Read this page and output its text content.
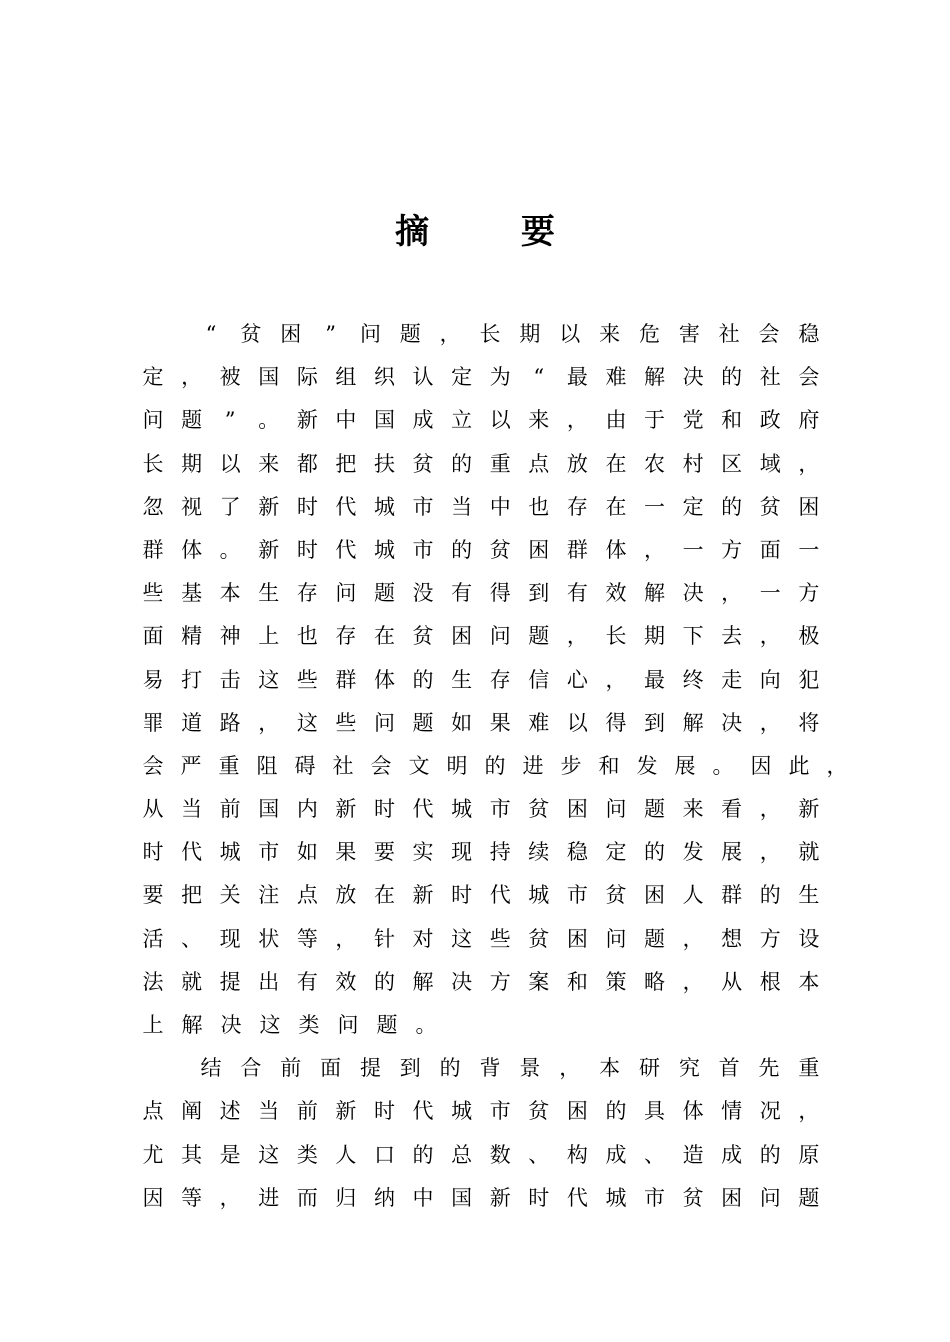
摘 要
“ 贫 困 ” 问 题 ， 长 期 以 来 危 害 社 会 稳
定 ， 被 国 际 组 织 认 定 为 “ 最 难 解 决 的 社 会
问 题 ” 。 新 中 国 成 立 以 来 ， 由 于 党 和 政 府
长 期 以 来 都 把 扶 贫 的 重 点 放 在 农 村 区 域 ，
忽 视 了 新 时 代 城 市 当 中 也 存 在 一 定 的 贫 困
群 体 。 新 时 代 城 市 的 贫 困 群 体 ， 一 方 面 一
些 基 本 生 存 问 题 没 有 得 到 有 效 解 决 ， 一 方
面 精 神 上 也 存 在 贫 困 问 题 ， 长 期 下 去 ， 极
易 打 击 这 些 群 体 的 生 存 信 心 ， 最 终 走 向 犯
罪 道 路 ， 这 些 问 题 如 果 难 以 得 到 解 决 ， 将
会 严 重 阻 碍 社 会 文 明 的 进 步 和 发 展 。 因 此 ，
从 当 前 国 内 新 时 代 城 市 贫 困 问 题 来 看 ， 新
时 代 城 市 如 果 要 实 现 持 续 稳 定 的 发 展 ， 就
要 把 关 注 点 放 在 新 时 代 城 市 贫 困 人 群 的 生
活 、 现 状 等 ， 针 对 这 些 贫 困 问 题 ， 想 方 设
法 就 提 出 有 效 的 解 决 方 案 和 策 略 ， 从 根 本
上 解 决 这 类 问 题 。
结 合 前 面 提 到 的 背 景 ， 本 研 究 首 先 重
点 阐 述 当 前 新 时 代 城 市 贫 困 的 具 体 情 况 ，
尤 其 是 这 类 人 口 的 总 数 、 构 成 、 造 成 的 原
因 等 ， 进 而 归 纳 中 国 新 时 代 城 市 贫 困 问 题
